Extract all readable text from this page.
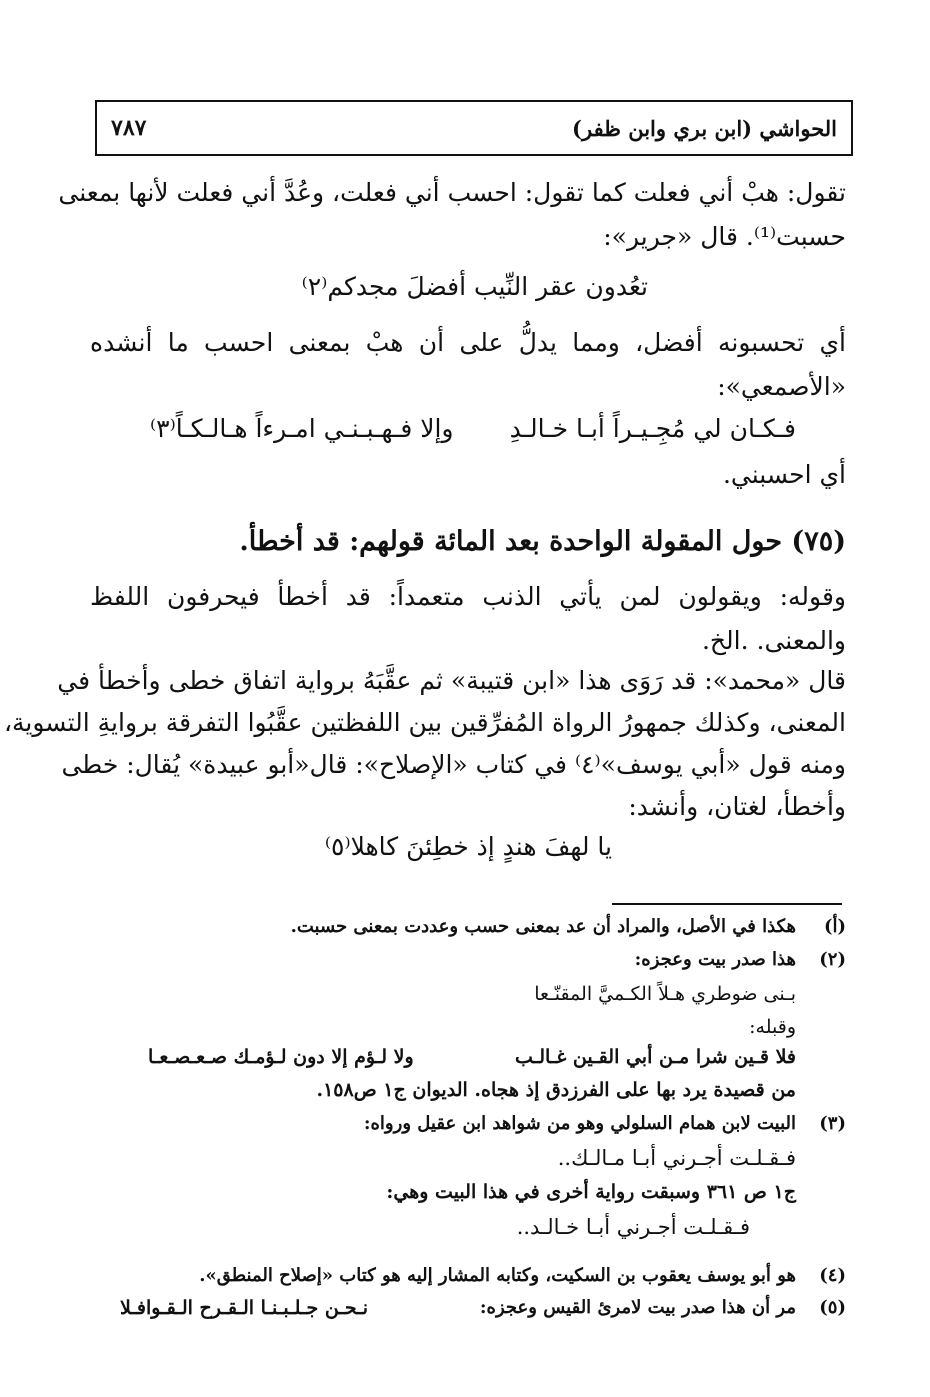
الحواشي (ابن بري وابن ظفر)
٧٨٧
تقول: هبْ أني فعلت كما تقول: احسب أني فعلت، وعُدَّ أني فعلت لأنها بمعنى
حسبت⁽¹⁾. قال «جرير»:
تعُدون عقر النِّيب أفضلَ مجدكم⁽٢⁾
أي تحسبونه أفضل، ومما يدلُّ على أن هبْ بمعنى احسب ما أنشده
«الأصمعي»:
فـكـان لي مُجِـيـراً أبـا خـالـدِ
وإلا فـهـبـنـي امـرءاً هـالـكـاً⁽٣⁾
أي احسبني.
(٧٥) حول المقولة الواحدة بعد المائة قولهم: قد أخطأ.
وقوله: ويقولون لمن يأتي الذنب متعمداً: قد أخطأ فيحرفون اللفظ
والمعنى. .الخ.
قال «محمد»: قد رَوَى هذا «ابن قتيبة» ثم عقَّبَهُ برواية اتفاق خطى وأخطأ في
المعنى، وكذلك جمهورُ الرواة المُفرِّقين بين اللفظتين عقَّبُوا التفرقة بروايةِ التسوية،
ومنه قول «أبي يوسف»⁽٤⁾ في كتاب «الإصلاح»: قال«أبو عبيدة» يُقال: خطى
وأخطأ، لغتان، وأنشد:
يا لهفَ هندٍ إذ خطِئنَ كاهلا⁽٥⁾
(أ)
هكذا في الأصل، والمراد أن عد بمعنى حسب وعددت بمعنى حسبت.
(٢)
هذا صدر بيت وعجزه:
بـنى ضوطري هـلاً الكـميَّ المقنّـعا
وقبله:
فلا قـين شرا مـن أبي القـين غـالـب
ولا لـؤم إلا دون لـؤمـك صـعـصـعـا
من قصيدة يرد بها على الفرزدق إذ هجاه. الديوان ج١ ص١٥٨.
(٣)
البيت لابن همام السلولي وهو من شواهد ابن عقيل ورواه:
فـقـلـت أجـرني أبـا مـالـك..
ج١ ص ٣٦١ وسبقت رواية أخرى في هذا البيت وهي:
فـقـلـت أجـرني أبـا خـالـد..
(٤)
هو أبو يوسف يعقوب بن السكيت، وكتابه المشار إليه هو كتاب «إصلاح المنطق».
(٥)
مر أن هذا صدر بيت لامرئ القيس وعجزه:
نـحـن جـلـبـنـا الـقـرح الـقـوافـلا
